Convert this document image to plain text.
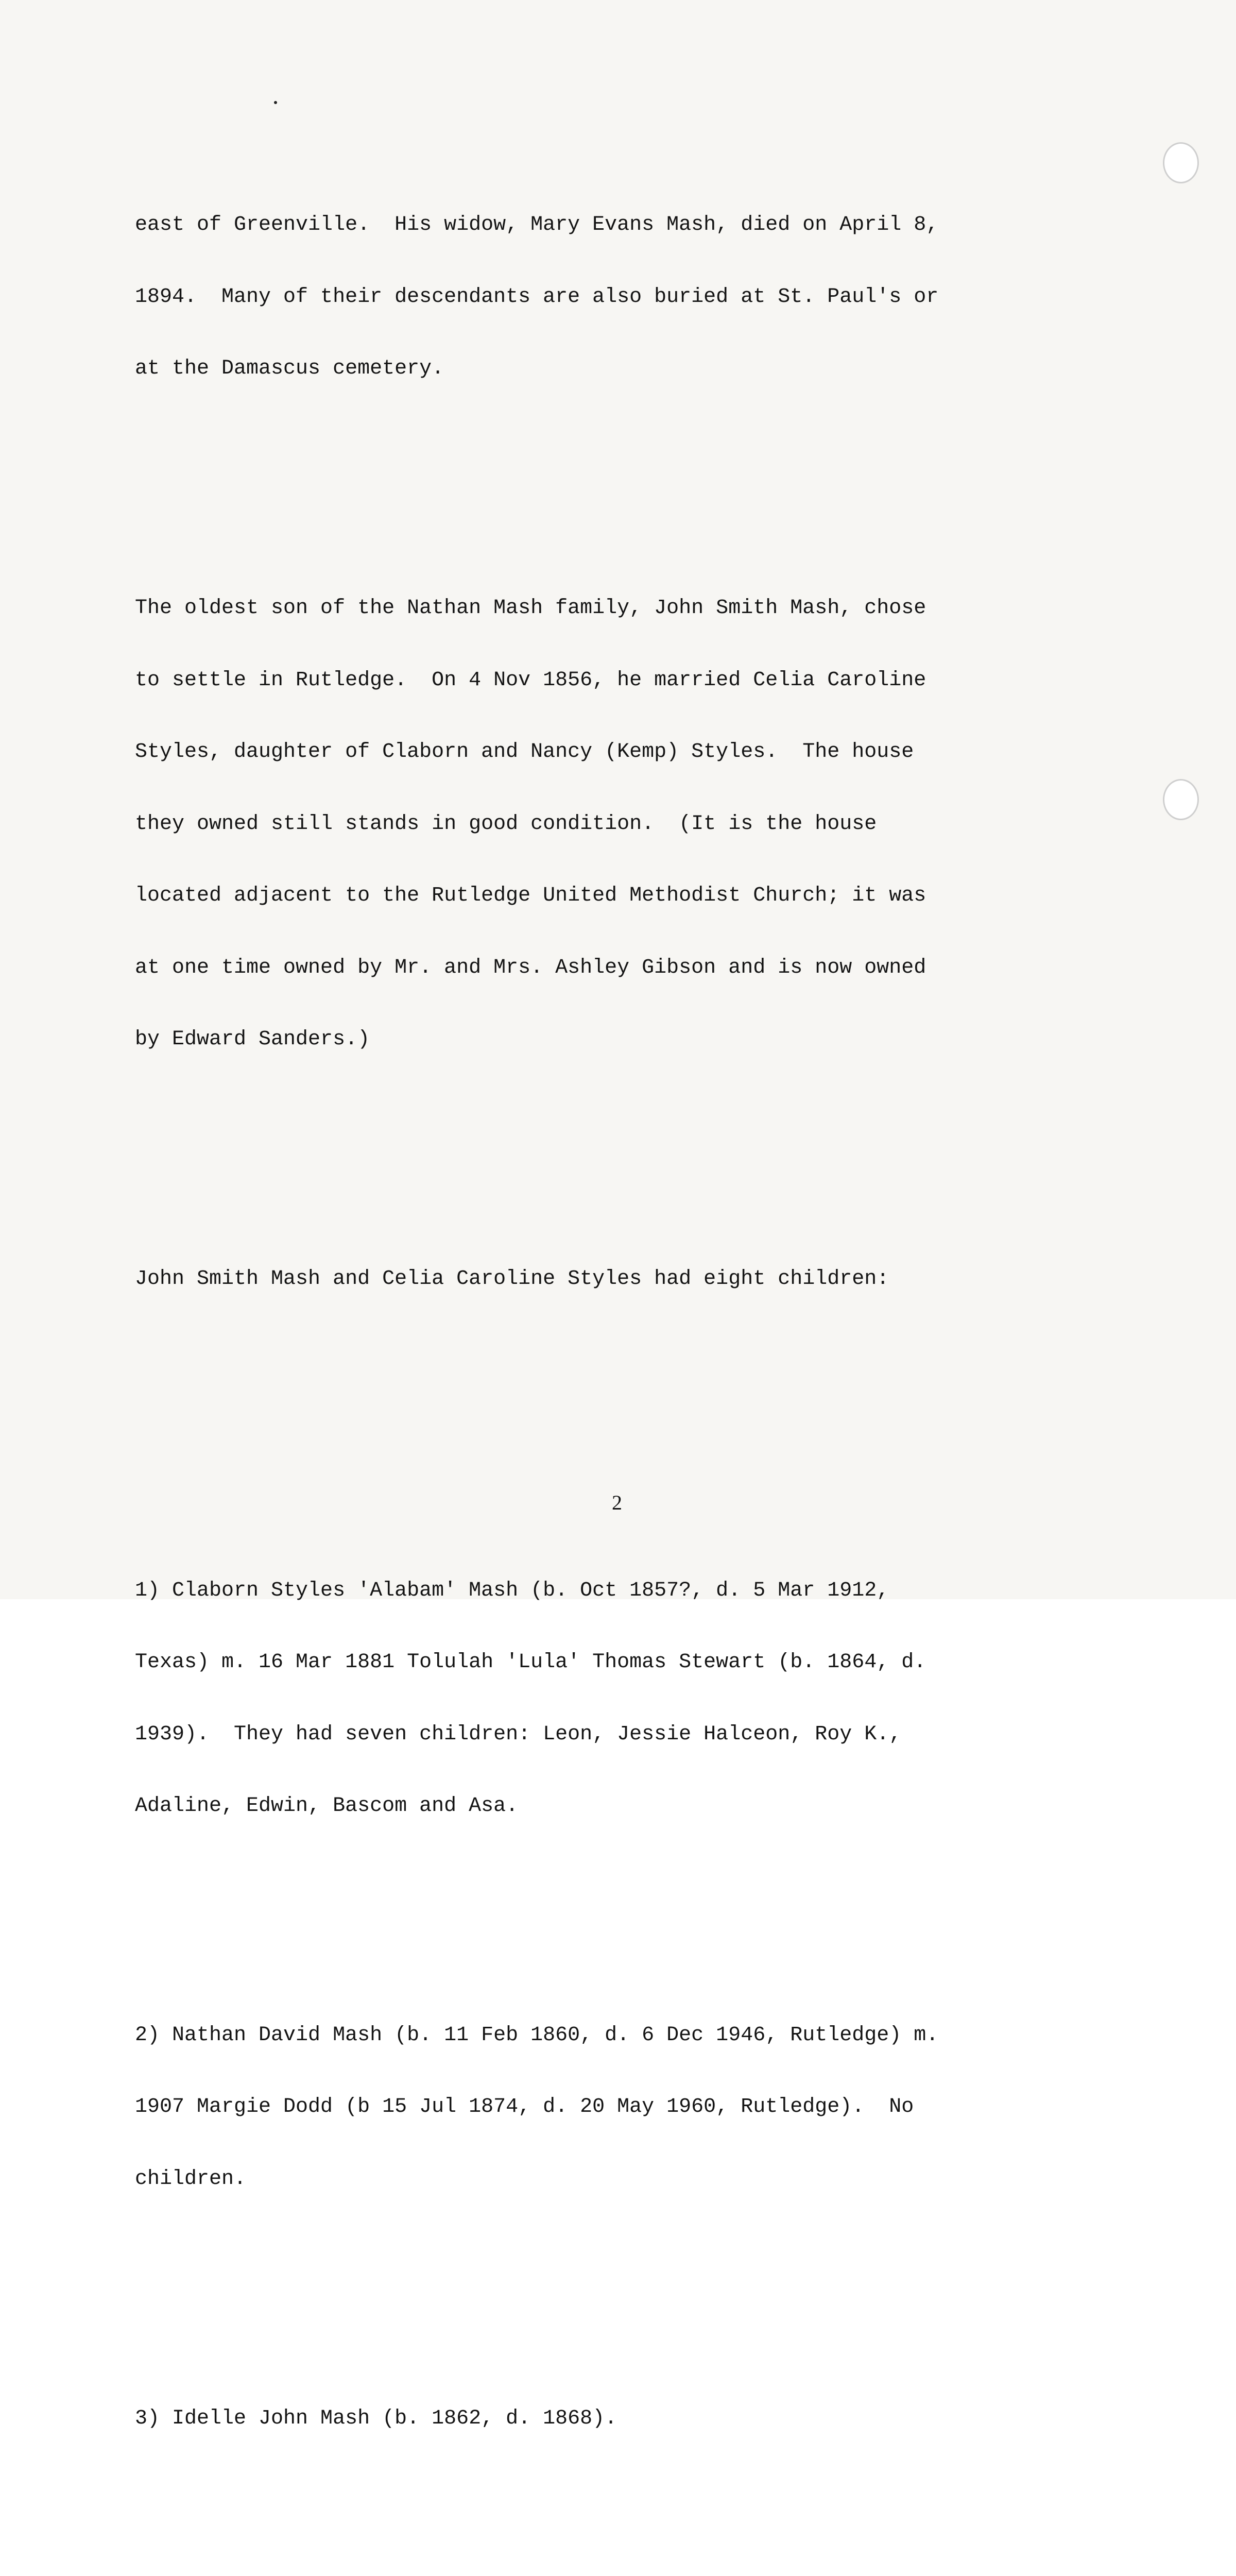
east of Greenville.  His widow, Mary Evans Mash, died on April 8,

1894.  Many of their descendants are also buried at St. Paul's or

at the Damascus cemetery.

The oldest son of the Nathan Mash family, John Smith Mash, chose

to settle in Rutledge.  On 4 Nov 1856, he married Celia Caroline

Styles, daughter of Claborn and Nancy (Kemp) Styles.  The house

they owned still stands in good condition.  (It is the house

located adjacent to the Rutledge United Methodist Church; it was

at one time owned by Mr. and Mrs. Ashley Gibson and is now owned

by Edward Sanders.)

John Smith Mash and Celia Caroline Styles had eight children:

1) Claborn Styles 'Alabam' Mash (b. Oct 1857?, d. 5 Mar 1912,

Texas) m. 16 Mar 1881 Tolulah 'Lula' Thomas Stewart (b. 1864, d.

1939).  They had seven children: Leon, Jessie Halceon, Roy K.,

Adaline, Edwin, Bascom and Asa.

2) Nathan David Mash (b. 11 Feb 1860, d. 6 Dec 1946, Rutledge) m.

1907 Margie Dodd (b 15 Jul 1874, d. 20 May 1960, Rutledge).  No

children.

3) Idelle John Mash (b. 1862, d. 1868).

2
